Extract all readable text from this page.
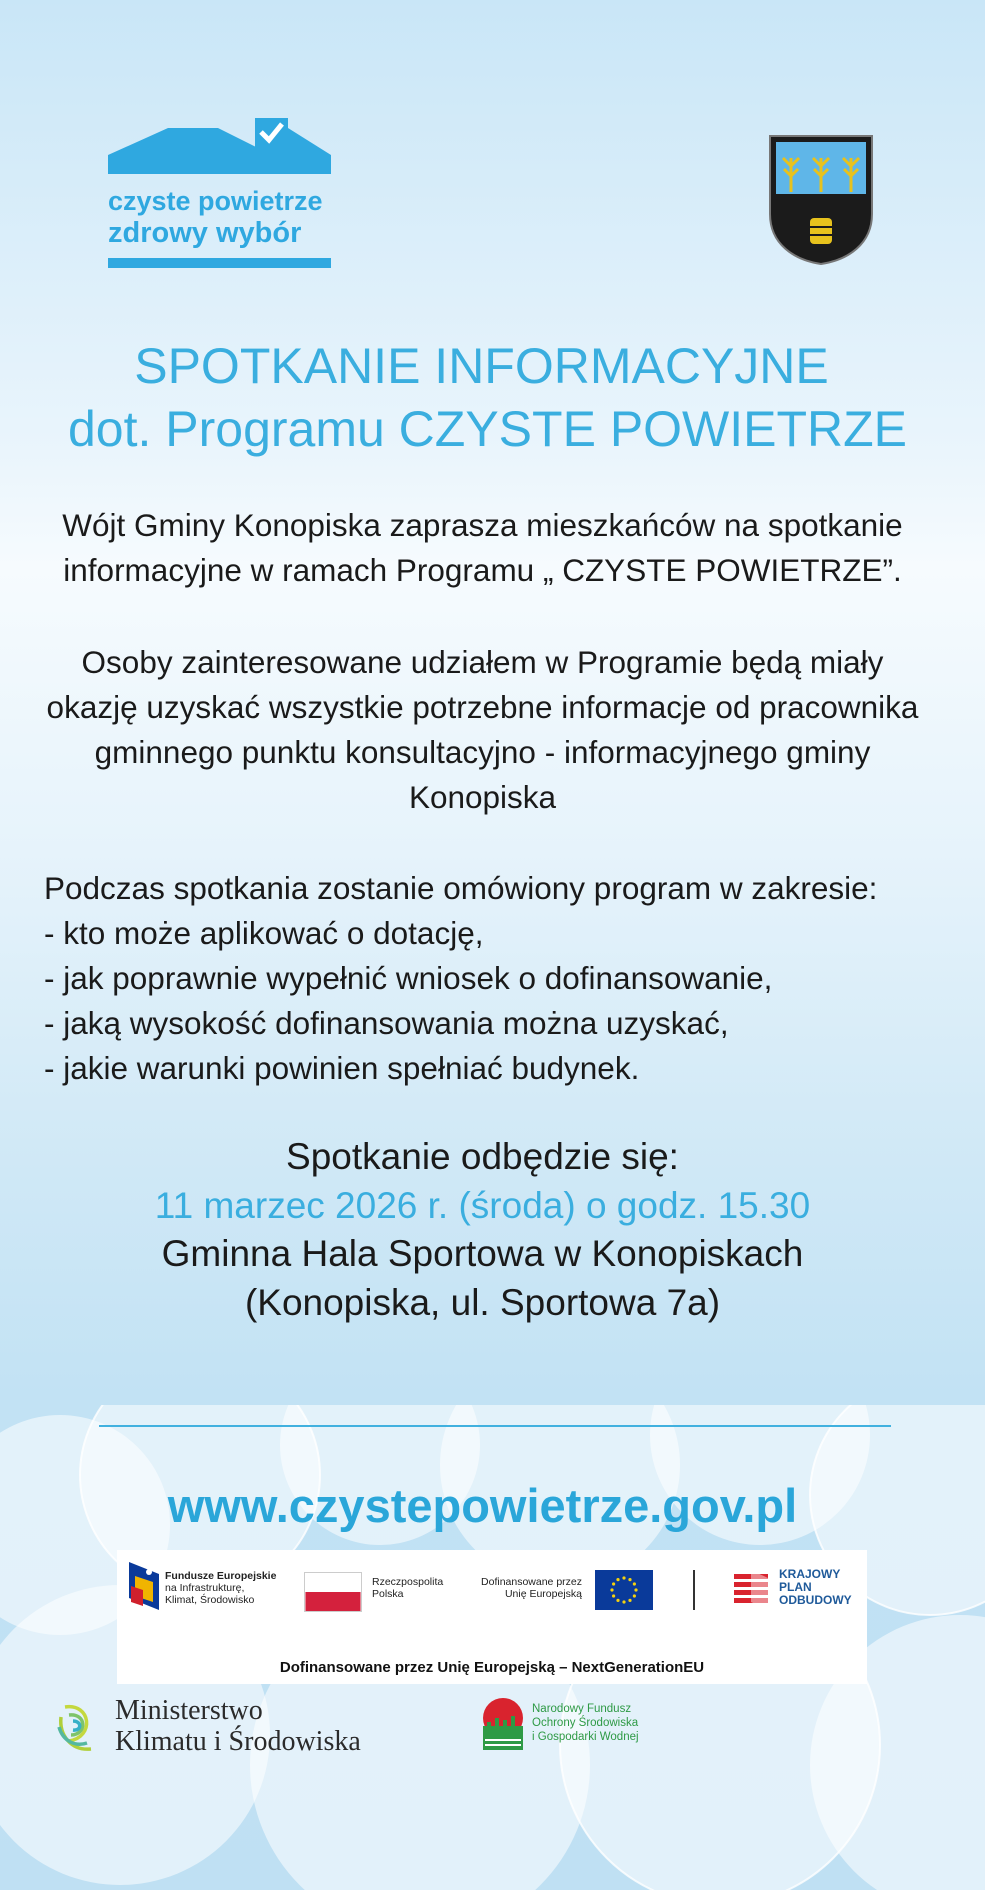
czyste powietrze
zdrowy wybór
SPOTKANIE INFORMACYJNE
dot. Programu CZYSTE POWIETRZE
Wójt Gminy Konopiska zaprasza mieszkańców na spotkanie
informacyjne w ramach Programu „ CZYSTE POWIETRZE”.
Osoby zainteresowane udziałem w Programie będą miały
okazję uzyskać wszystkie potrzebne informacje od pracownika
gminnego punktu konsultacyjno - informacyjnego gminy
Konopiska
Podczas spotkania zostanie omówiony program w zakresie:
- kto może aplikować o dotację,
- jak poprawnie wypełnić wniosek o dofinansowanie,
- jaką wysokość dofinansowania można uzyskać,
- jakie warunki powinien spełniać budynek.
Spotkanie odbędzie się:
11 marzec 2026 r. (środa) o godz. 15.30
Gminna Hala Sportowa w Konopiskach
(Konopiska, ul. Sportowa 7a)
www.czystepowietrze.gov.pl
Fundusze Europejskie
na Infrastrukturę,
Klimat, Środowisko
Rzeczpospolita
Polska
Dofinansowane przez
Unię Europejską
KRAJOWY
PLAN
ODBUDOWY
Dofinansowane przez Unię Europejską – NextGenerationEU
Ministerstwo
Klimatu i Środowiska
Narodowy Fundusz
Ochrony Środowiska
i Gospodarki Wodnej
